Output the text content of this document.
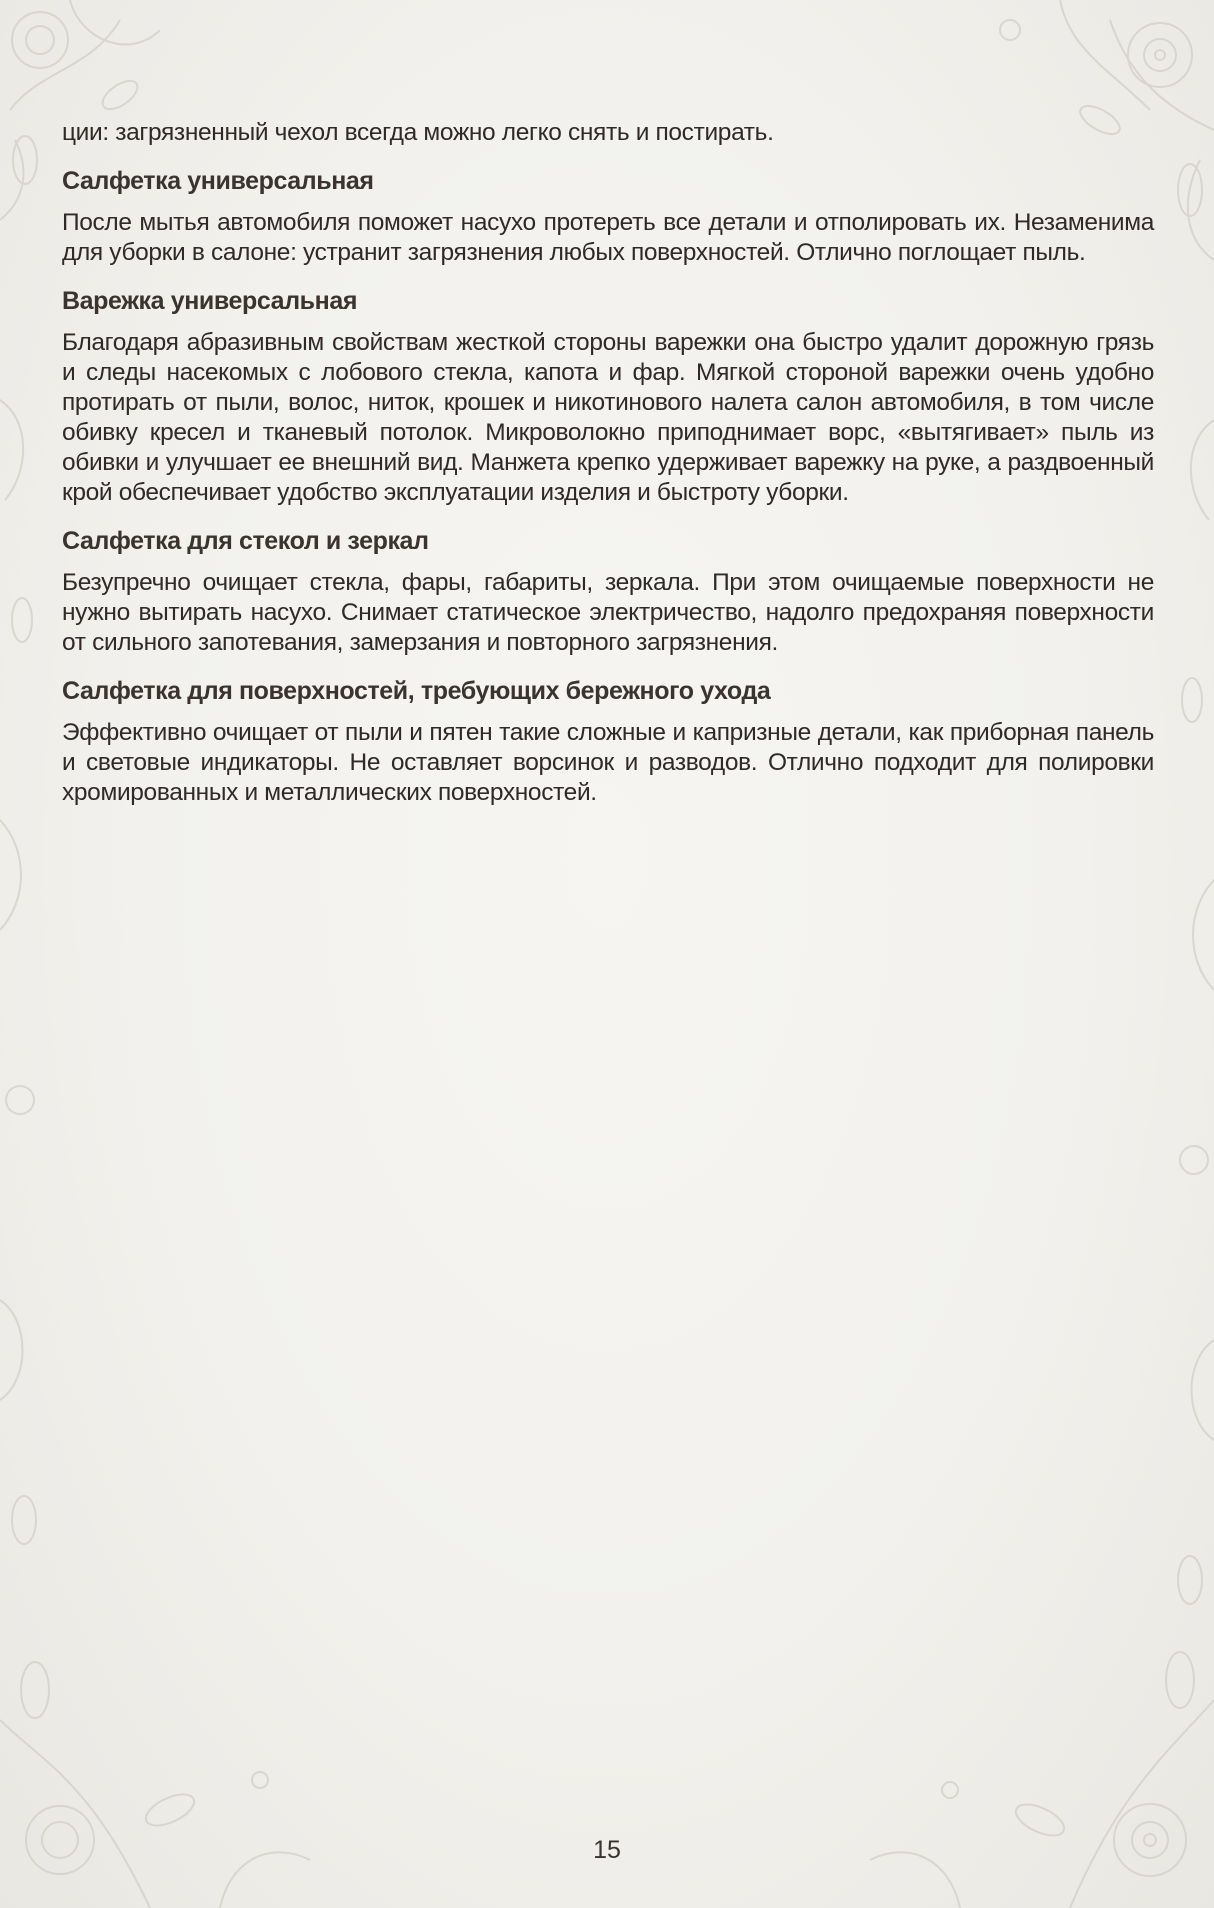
ции: загрязненный чехол всегда можно легко снять и постирать.

Салфетка универсальная

После мытья автомобиля поможет насухо протереть все детали и отполировать их. Незаменима для уборки в салоне: устранит загрязнения любых поверхностей. Отлично поглощает пыль.

Варежка универсальная

Благодаря абразивным свойствам жесткой стороны варежки она быстро удалит дорожную грязь и следы насекомых с лобового стекла, капота и фар. Мягкой стороной варежки очень удобно протирать от пыли, волос, ниток, крошек и никотинового налета салон автомобиля, в том числе обивку кресел и тканевый потолок. Микроволокно приподнимает ворс, «вытягивает» пыль из обивки и улучшает ее внешний вид. Манжета крепко удерживает варежку на руке, а раздвоенный крой обеспечивает удобство эксплуатации изделия и быстроту уборки.

Салфетка для стекол и зеркал

Безупречно очищает стекла, фары, габариты, зеркала. При этом очищаемые поверхности не нужно вытирать насухо. Снимает статическое электричество, надолго предохраняя поверхности от сильного запотевания, замерзания и повторного загрязнения.

Салфетка для поверхностей, требующих бережного ухода

Эффективно очищает от пыли и пятен такие сложные и капризные детали, как приборная панель и световые индикаторы. Не оставляет ворсинок и разводов. Отлично подходит для полировки хромированных и металлических поверхностей.

15
